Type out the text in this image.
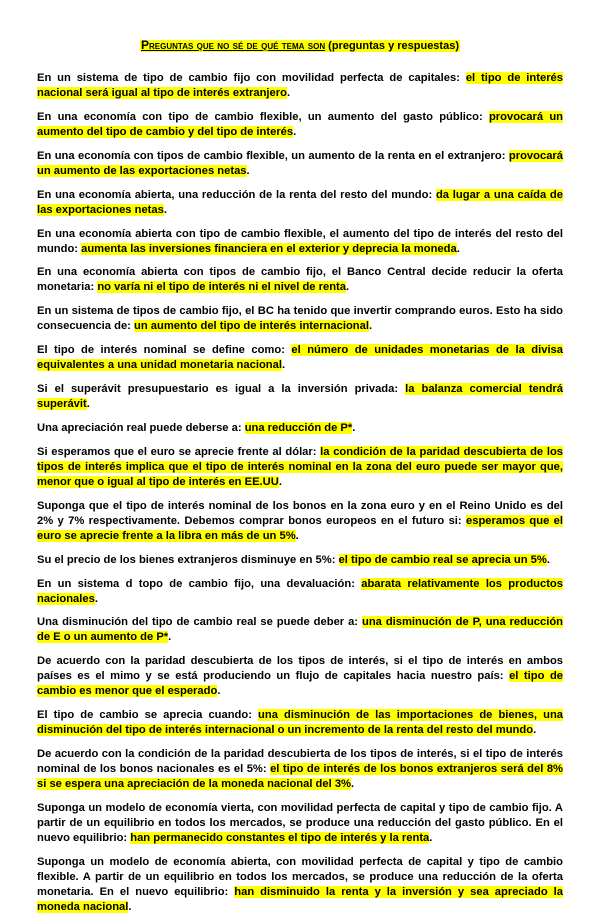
Preguntas que no sé de qué tema son (preguntas y respuestas)

En un sistema de tipo de cambio fijo con movilidad perfecta de capitales: el tipo de interés nacional será igual al tipo de interés extranjero.

En una economía con tipo de cambio flexible, un aumento del gasto público: provocará un aumento del tipo de cambio y del tipo de interés.

En una economía con tipos de cambio flexible, un aumento de la renta en el extranjero: provocará un aumento de las exportaciones netas.

En una economía abierta, una reducción de la renta del resto del mundo: da lugar a una caída de las exportaciones netas.

En una economía abierta con tipo de cambio flexible, el aumento del tipo de interés del resto del mundo: aumenta las inversiones financiera en el exterior y deprecia la moneda.

En una economía abierta con tipos de cambio fijo, el Banco Central decide reducir la oferta monetaria: no varía ni el tipo de interés ni el nivel de renta.

En un sistema de tipos de cambio fijo, el BC ha tenido que invertir comprando euros. Esto ha sido consecuencia de: un aumento del tipo de interés internacional.

El tipo de interés nominal se define como: el número de unidades monetarias de la divisa equivalentes a una unidad monetaria nacional.

Si el superávit presupuestario es igual a la inversión privada: la balanza comercial tendrá superávit.

Una apreciación real puede deberse a: una reducción de P*.

Si esperamos que el euro se aprecie frente al dólar: la condición de la paridad descubierta de los tipos de interés implica que el tipo de interés nominal en la zona del euro puede ser mayor que, menor que o igual al tipo de interés en EE.UU.

Suponga que el tipo de interés nominal de los bonos en la zona euro y en el Reino Unido es del 2% y 7% respectivamente. Debemos comprar bonos europeos en el futuro si: esperamos que el euro se aprecie frente a la libra en más de un 5%.

Su el precio de los bienes extranjeros disminuye en 5%: el tipo de cambio real se aprecia un 5%.

En un sistema d topo de cambio fijo, una devaluación: abarata relativamente los productos nacionales.

Una disminución del tipo de cambio real se puede deber a: una disminución de P, una reducción de E o un aumento de P*.

De acuerdo con la paridad descubierta de los tipos de interés, si el tipo de interés en ambos países es el mimo y se está produciendo un flujo de capitales hacia nuestro país: el tipo de cambio es menor que el esperado.

El tipo de cambio se aprecia cuando: una disminución de las importaciones de bienes, una disminución del tipo de interés internacional o un incremento de la renta del resto del mundo.

De acuerdo con la condición de la paridad descubierta de los tipos de interés, si el tipo de interés nominal de los bonos nacionales es el 5%: el tipo de interés de los bonos extranjeros será del 8% si se espera una apreciación de la moneda nacional del 3%.

Suponga un modelo de economía vierta, con movilidad perfecta de capital y tipo de cambio fijo. A partir de un equilibrio en todos los mercados, se produce una reducción del gasto público. En el nuevo equilibrio: han permanecido constantes el tipo de interés y la renta.

Suponga un modelo de economía abierta, con movilidad perfecta de capital y tipo de cambio flexible. A partir de un equilibrio en todos los mercados, se produce una reducción de la oferta monetaria. En el nuevo equilibrio: han disminuido la renta y la inversión y sea apreciado la moneda nacional.
